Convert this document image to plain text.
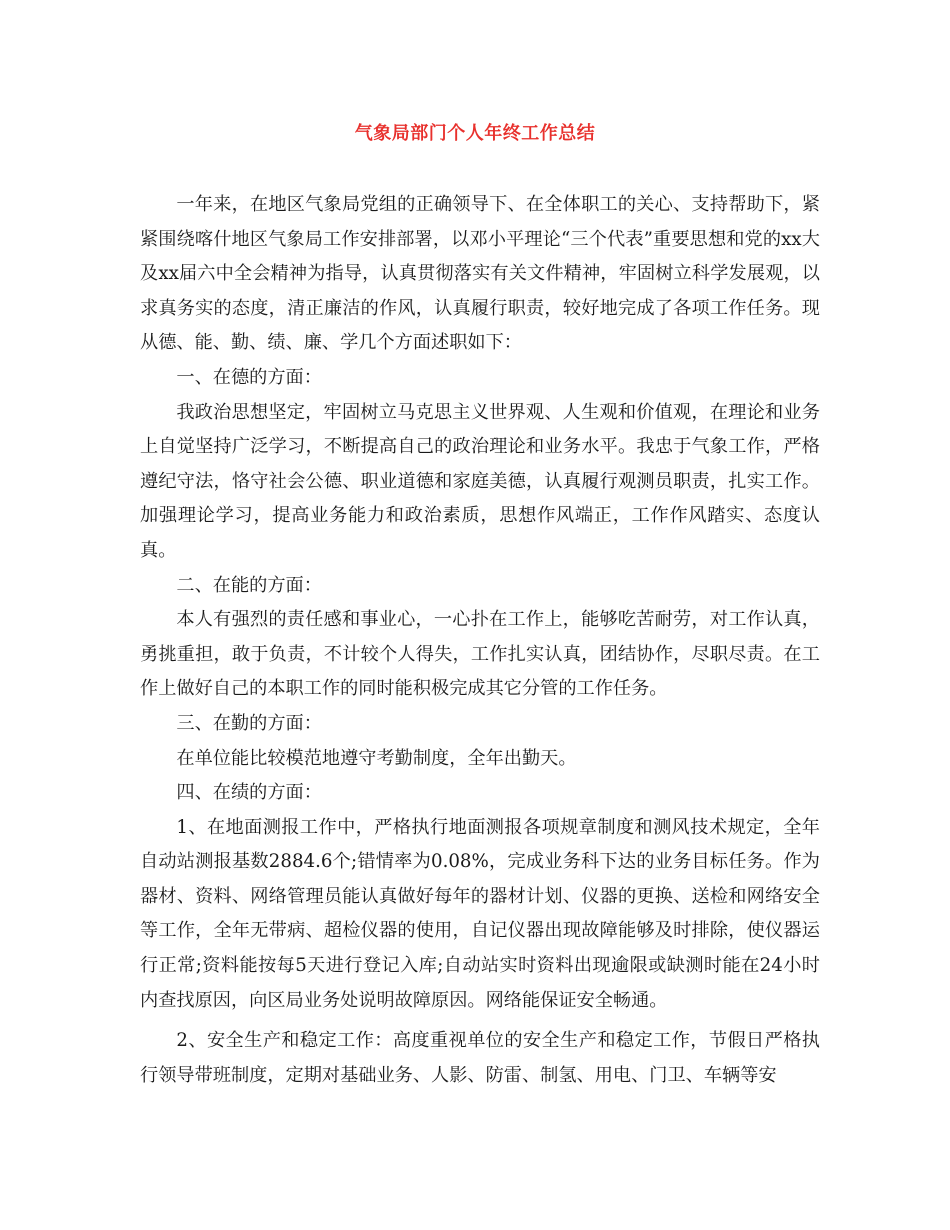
气象局部门个人年终工作总结

一年来，在地区气象局党组的正确领导下、在全体职工的关心、支持帮助下，紧紧围绕喀什地区气象局工作安排部署，以邓小平理论“三个代表”重要思想和党的xx大及xx届六中全会精神为指导，认真贯彻落实有关文件精神，牢固树立科学发展观，以求真务实的态度，清正廉洁的作风，认真履行职责，较好地完成了各项工作任务。现从德、能、勤、绩、廉、学几个方面述职如下：

一、在德的方面：

我政治思想坚定，牢固树立马克思主义世界观、人生观和价值观，在理论和业务上自觉坚持广泛学习，不断提高自己的政治理论和业务水平。我忠于气象工作，严格遵纪守法，恪守社会公德、职业道德和家庭美德，认真履行观测员职责，扎实工作。加强理论学习，提高业务能力和政治素质，思想作风端正，工作作风踏实、态度认真。

二、在能的方面：

本人有强烈的责任感和事业心，一心扑在工作上，能够吃苦耐劳，对工作认真，勇挑重担，敢于负责，不计较个人得失，工作扎实认真，团结协作，尽职尽责。在工作上做好自己的本职工作的同时能积极完成其它分管的工作任务。

三、在勤的方面：

在单位能比较模范地遵守考勤制度，全年出勤天。

四、在绩的方面：

1、在地面测报工作中，严格执行地面测报各项规章制度和测风技术规定，全年自动站测报基数2884.6个;错情率为0.08%，完成业务科下达的业务目标任务。作为器材、资料、网络管理员能认真做好每年的器材计划、仪器的更换、送检和网络安全等工作，全年无带病、超检仪器的使用，自记仪器出现故障能够及时排除，使仪器运行正常;资料能按每5天进行登记入库;自动站实时资料出现逾限或缺测时能在24小时内查找原因，向区局业务处说明故障原因。网络能保证安全畅通。

2、安全生产和稳定工作：高度重视单位的安全生产和稳定工作，节假日严格执行领导带班制度，定期对基础业务、人影、防雷、制氢、用电、门卫、车辆等安
